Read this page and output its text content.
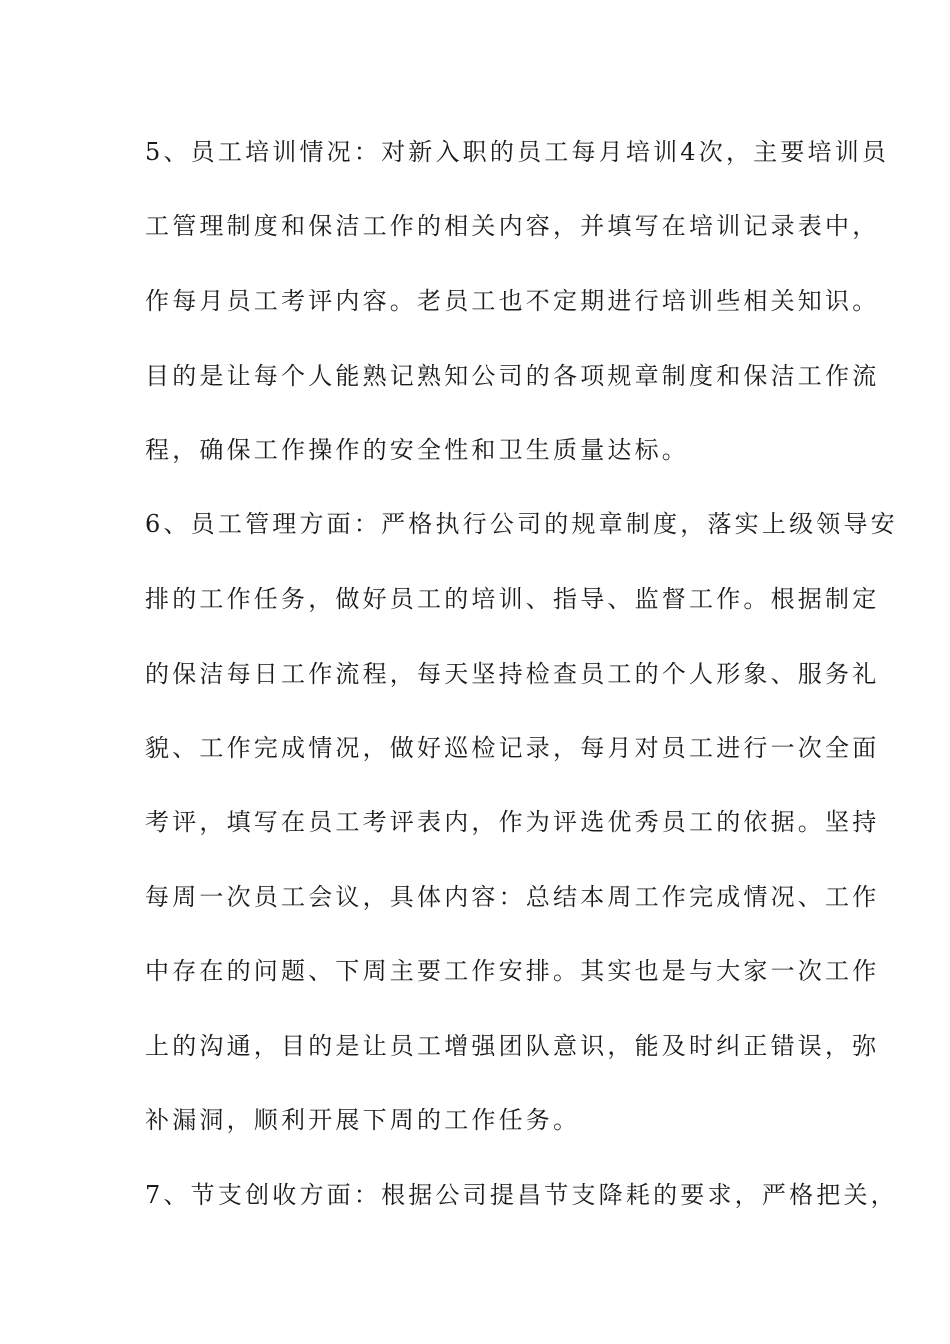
5、员工培训情况：对新入职的员工每月培训4次，主要培训员
工管理制度和保洁工作的相关内容，并填写在培训记录表中，
作每月员工考评内容。老员工也不定期进行培训些相关知识。
目的是让每个人能熟记熟知公司的各项规章制度和保洁工作流
程，确保工作操作的安全性和卫生质量达标。
6、员工管理方面：严格执行公司的规章制度，落实上级领导安
排的工作任务，做好员工的培训、指导、监督工作。根据制定
的保洁每日工作流程，每天坚持检查员工的个人形象、服务礼
貌、工作完成情况，做好巡检记录，每月对员工进行一次全面
考评，填写在员工考评表内，作为评选优秀员工的依据。坚持
每周一次员工会议，具体内容：总结本周工作完成情况、工作
中存在的问题、下周主要工作安排。其实也是与大家一次工作
上的沟通，目的是让员工增强团队意识，能及时纠正错误，弥
补漏洞，顺利开展下周的工作任务。
7、节支创收方面：根据公司提昌节支降耗的要求，严格把关，
